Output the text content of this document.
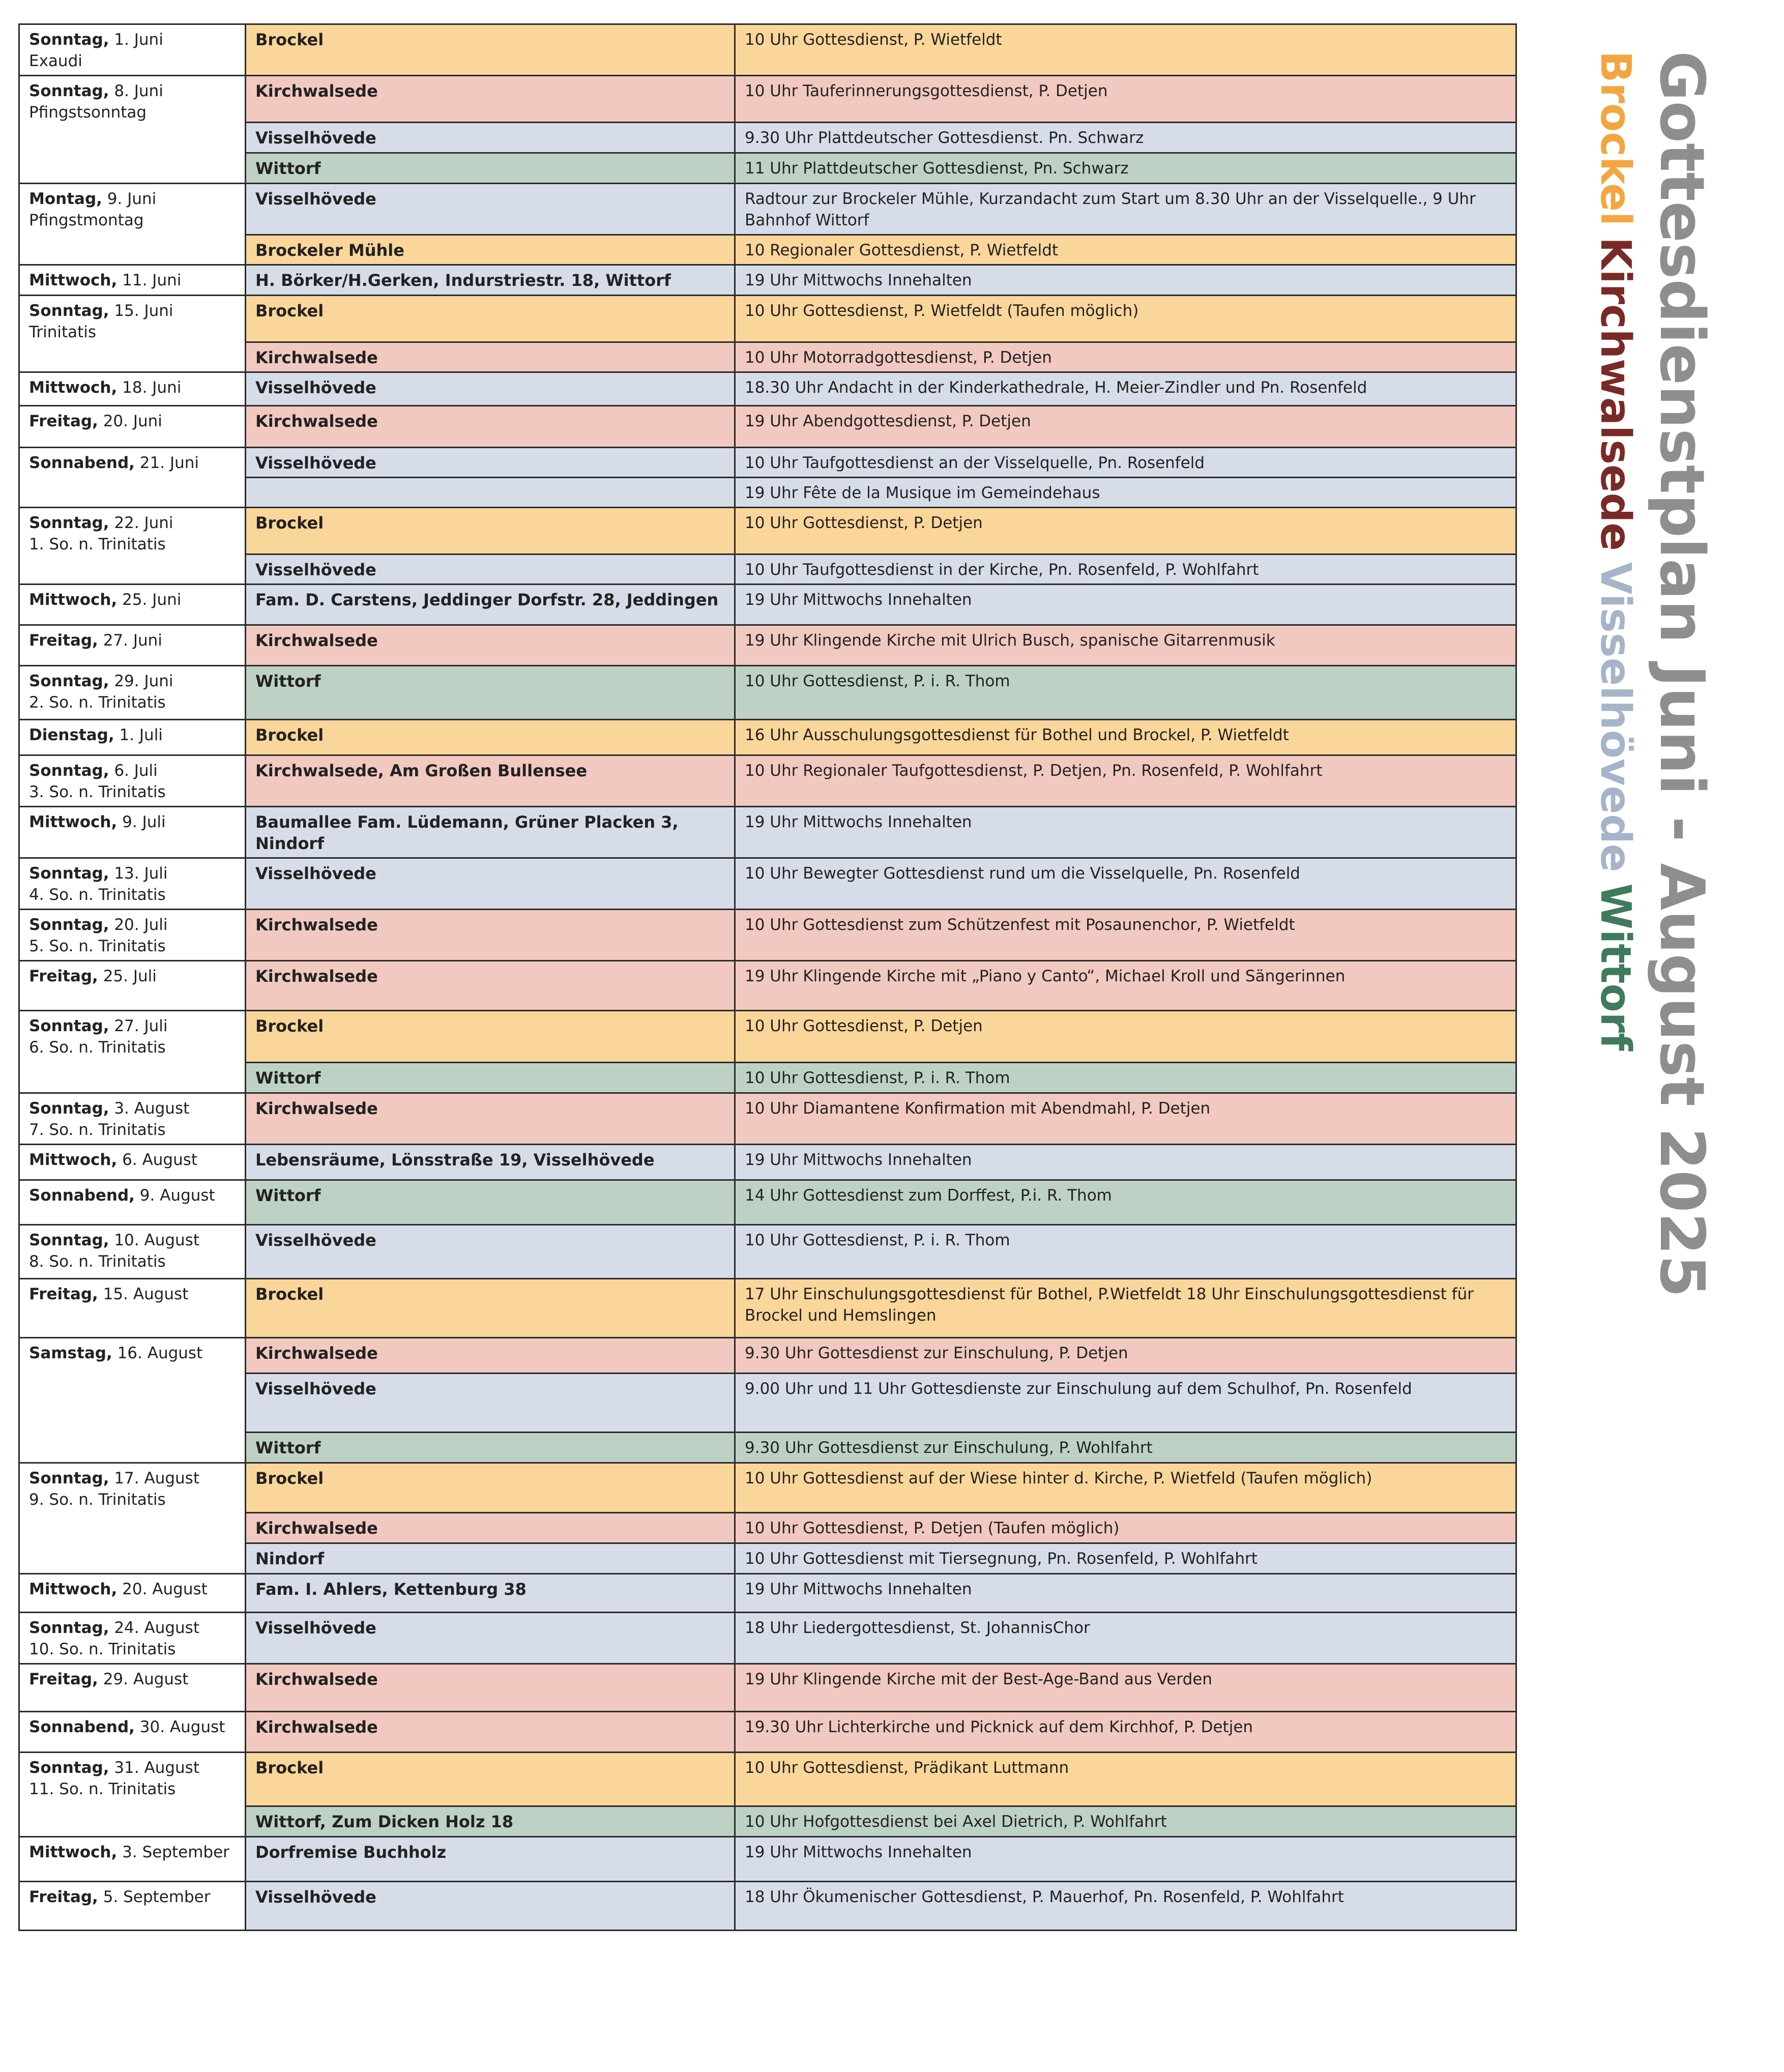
Sonntag, 1. Juni
Exaudi	Brockel	10 Uhr Gottesdienst, P. Wietfeldt
Sonntag, 8. Juni
Pfingstsonntag	Kirchwalsede	10 Uhr Tauferinnerungsgottesdienst, P. Detjen
	Visselhövede	9.30 Uhr Plattdeutscher Gottesdienst. Pn. Schwarz
	Wittorf	11 Uhr Plattdeutscher Gottesdienst, Pn. Schwarz
Montag, 9. Juni
Pfingstmontag	Visselhövede	Radtour zur Brockeler Mühle, Kurzandacht zum Start um 8.30 Uhr an der Visselquelle., 9 Uhr Bahnhof Wittorf
	Brockeler Mühle	10 Regionaler Gottesdienst, P. Wietfeldt
Mittwoch, 11. Juni	H. Börker/H.Gerken, Indurstriestr. 18, Wittorf	19 Uhr Mittwochs Innehalten
Sonntag, 15. Juni
Trinitatis	Brockel	10 Uhr Gottesdienst, P. Wietfeldt (Taufen möglich)
	Kirchwalsede	10 Uhr Motorradgottesdienst, P. Detjen
Mittwoch, 18. Juni	Visselhövede	18.30 Uhr Andacht in der Kinderkathedrale, H. Meier-Zindler und Pn. Rosenfeld
Freitag, 20. Juni	Kirchwalsede	19 Uhr Abendgottesdienst, P. Detjen
Sonnabend, 21. Juni	Visselhövede	10 Uhr Taufgottesdienst an der Visselquelle, Pn. Rosenfeld
		19 Uhr Fête de la Musique im Gemeindehaus
Sonntag, 22. Juni
1. So. n. Trinitatis	Brockel	10 Uhr Gottesdienst, P. Detjen
	Visselhövede	10 Uhr Taufgottesdienst in der Kirche, Pn. Rosenfeld, P. Wohlfahrt
Mittwoch, 25. Juni	Fam. D. Carstens, Jeddinger Dorfstr. 28, Jeddingen	19 Uhr Mittwochs Innehalten
Freitag, 27. Juni	Kirchwalsede	19 Uhr Klingende Kirche mit Ulrich Busch, spanische Gitarrenmusik
Sonntag, 29. Juni
2. So. n. Trinitatis	Wittorf	10 Uhr Gottesdienst, P. i. R. Thom
Dienstag, 1. Juli	Brockel	16 Uhr Ausschulungsgottesdienst für Bothel und Brockel, P. Wietfeldt
Sonntag, 6. Juli
3. So. n. Trinitatis	Kirchwalsede, Am Großen Bullensee	10 Uhr Regionaler Taufgottesdienst, P. Detjen, Pn. Rosenfeld, P. Wohlfahrt
Mittwoch, 9. Juli	Baumallee Fam. Lüdemann, Grüner Placken 3, Nindorf	19 Uhr Mittwochs Innehalten
Sonntag, 13. Juli
4. So. n. Trinitatis	Visselhövede	10 Uhr Bewegter Gottesdienst rund um die Visselquelle, Pn. Rosenfeld
Sonntag, 20. Juli
5. So. n. Trinitatis	Kirchwalsede	10 Uhr Gottesdienst zum Schützenfest mit Posaunenchor, P. Wietfeldt
Freitag, 25. Juli	Kirchwalsede	19 Uhr Klingende Kirche mit „Piano y Canto“, Michael Kroll und Sängerinnen
Sonntag, 27. Juli
6. So. n. Trinitatis	Brockel	10 Uhr Gottesdienst, P. Detjen
	Wittorf	10 Uhr Gottesdienst, P. i. R. Thom
Sonntag, 3. August
7. So. n. Trinitatis	Kirchwalsede	10 Uhr Diamantene Konfirmation mit Abendmahl, P. Detjen
Mittwoch, 6. August	Lebensräume, Lönsstraße 19, Visselhövede	19 Uhr Mittwochs Innehalten
Sonnabend, 9. August	Wittorf	14 Uhr Gottesdienst zum Dorffest, P.i. R. Thom
Sonntag, 10. August
8. So. n. Trinitatis	Visselhövede	10 Uhr Gottesdienst, P. i. R. Thom
Freitag, 15. August	Brockel	17 Uhr Einschulungsgottesdienst für Bothel, P.Wietfeldt 18 Uhr Einschulungsgottesdienst für Brockel und Hemslingen
Samstag, 16. August	Kirchwalsede	9.30 Uhr Gottesdienst zur Einschulung, P. Detjen
	Visselhövede	9.00 Uhr und 11 Uhr Gottesdienste zur Einschulung auf dem Schulhof, Pn. Rosenfeld
	Wittorf	9.30 Uhr Gottesdienst zur Einschulung, P. Wohlfahrt
Sonntag, 17. August
9. So. n. Trinitatis	Brockel	10 Uhr Gottesdienst auf der Wiese hinter d. Kirche, P. Wietfeld (Taufen möglich)
	Kirchwalsede	10 Uhr Gottesdienst, P. Detjen (Taufen möglich)
	Nindorf	10 Uhr Gottesdienst mit Tiersegnung, Pn. Rosenfeld, P. Wohlfahrt
Mittwoch, 20. August	Fam. I. Ahlers, Kettenburg 38	19 Uhr Mittwochs Innehalten
Sonntag, 24. August
10. So. n. Trinitatis	Visselhövede	18 Uhr Liedergottesdienst, St. JohannisChor
Freitag, 29. August	Kirchwalsede	19 Uhr Klingende Kirche mit der Best-Age-Band aus Verden
Sonnabend, 30. August	Kirchwalsede	19.30 Uhr Lichterkirche und Picknick auf dem Kirchhof, P. Detjen
Sonntag, 31. August
11. So. n. Trinitatis	Brockel	10 Uhr Gottesdienst, Prädikant Luttmann
	Wittorf, Zum Dicken Holz 18	10 Uhr Hofgottesdienst bei Axel Dietrich, P. Wohlfahrt
Mittwoch, 3. September	Dorfremise Buchholz	19 Uhr Mittwochs Innehalten
Freitag, 5. September	Visselhövede	18 Uhr Ökumenischer Gottesdienst, P. Mauerhof, Pn. Rosenfeld, P. Wohlfahrt
Gottesdienstplan Juni - August 2025
BrockelKirchwalsedeVisselhövedeWittorf
